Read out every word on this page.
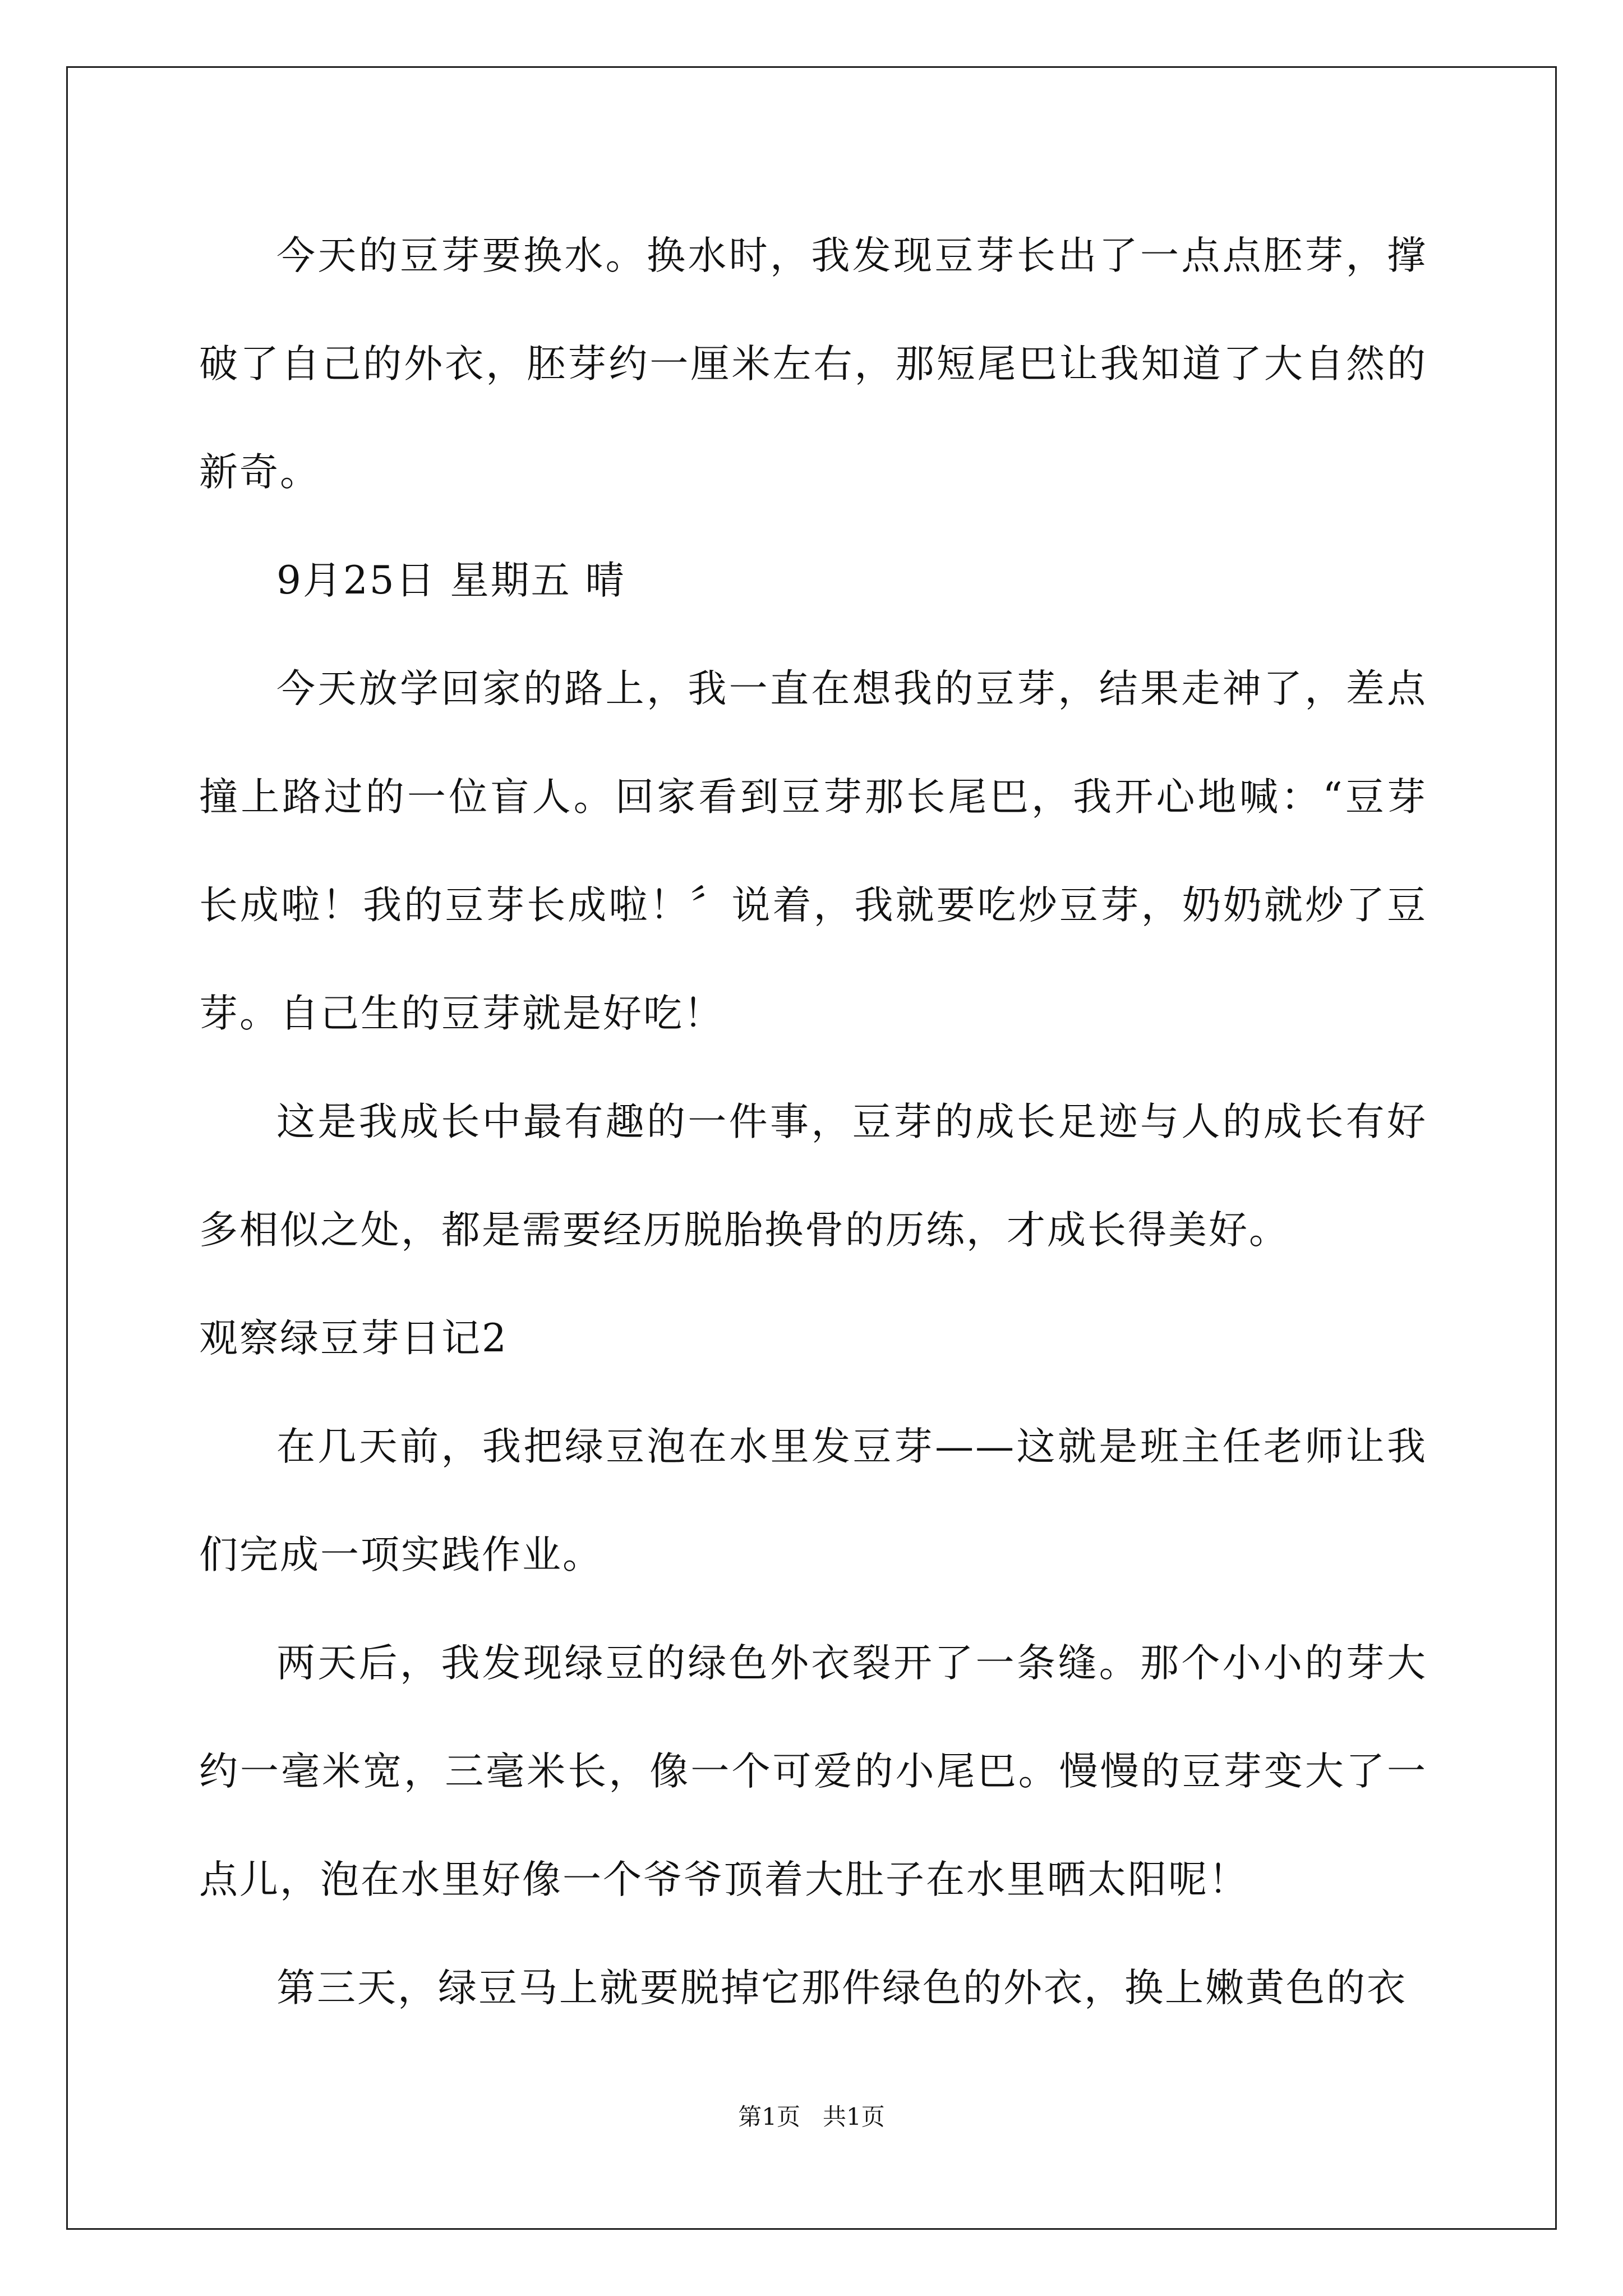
今天的豆芽要换水。换水时，我发现豆芽长出了一点点胚芽，撑破了自己的外衣，胚芽约一厘米左右，那短尾巴让我知道了大自然的新奇。

9月25日 星期五 晴

今天放学回家的路上，我一直在想我的豆芽，结果走神了，差点撞上路过的一位盲人。回家看到豆芽那长尾巴，我开心地喊：“豆芽长成啦！我的豆芽长成啦！〞说着，我就要吃炒豆芽，奶奶就炒了豆芽。自己生的豆芽就是好吃！

这是我成长中最有趣的一件事，豆芽的成长足迹与人的成长有好多相似之处，都是需要经历脱胎换骨的历练，才成长得美好。

观察绿豆芽日记2

在几天前，我把绿豆泡在水里发豆芽——这就是班主任老师让我们完成一项实践作业。

两天后，我发现绿豆的绿色外衣裂开了一条缝。那个小小的芽大约一毫米宽，三毫米长，像一个可爱的小尾巴。慢慢的豆芽变大了一点儿，泡在水里好像一个爷爷顶着大肚子在水里晒太阳呢！

第三天，绿豆马上就要脱掉它那件绿色的外衣，换上嫩黄色的衣

第1页   共1页
